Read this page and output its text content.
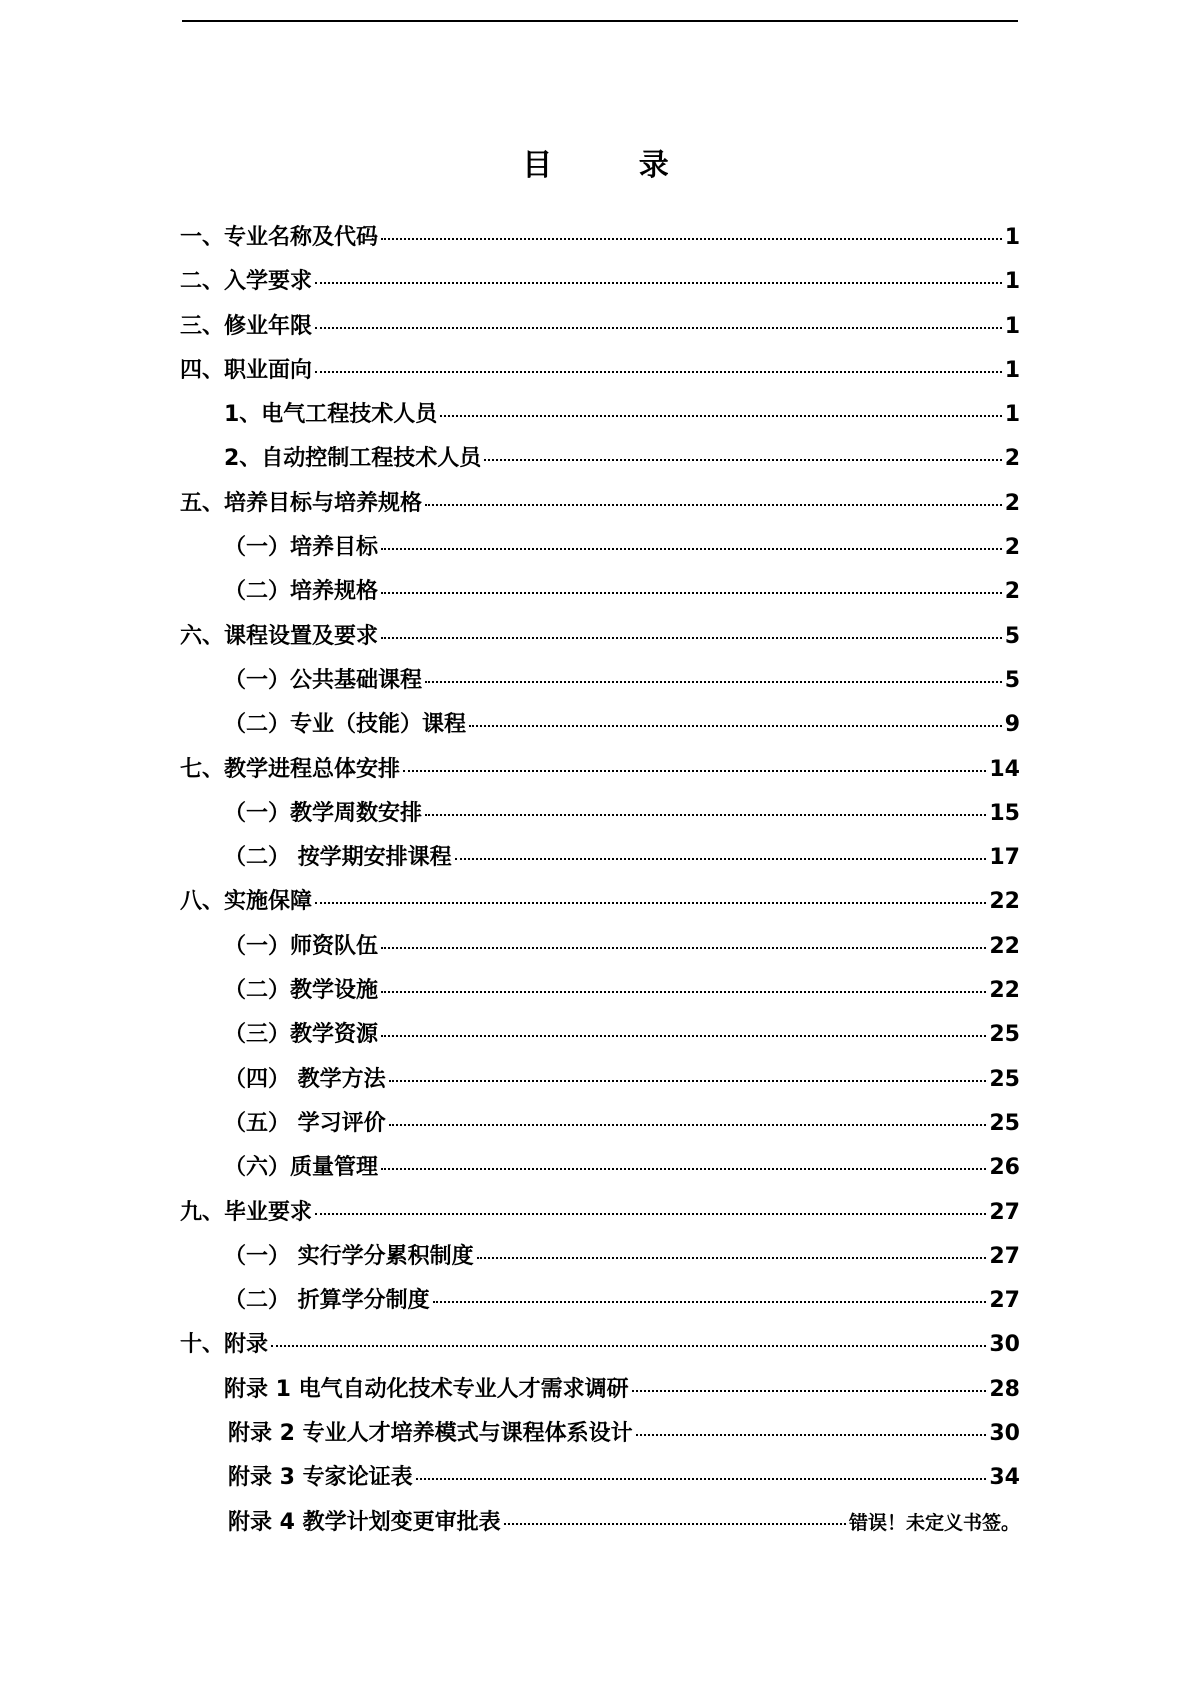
目 录
一、专业名称及代码	1
二、入学要求	1
三、修业年限	1
四、职业面向	1
1、电气工程技术人员	1
2、自动控制工程技术人员	2
五、培养目标与培养规格	2
（一）培养目标	2
（二）培养规格	2
六、课程设置及要求	5
（一）公共基础课程	5
（二）专业（技能）课程	9
七、教学进程总体安排	14
（一）教学周数安排	15
（二） 按学期安排课程	17
八、实施保障	22
（一）师资队伍	22
（二）教学设施	22
（三）教学资源	25
（四） 教学方法	25
（五） 学习评价	25
（六）质量管理	26
九、毕业要求	27
（一） 实行学分累积制度	27
（二） 折算学分制度	27
十、附录	30
附录 1 电气自动化技术专业人才需求调研	28
附录 2 专业人才培养模式与课程体系设计	30
附录 3 专家论证表	34
附录 4 教学计划变更审批表	错误！未定义书签。
